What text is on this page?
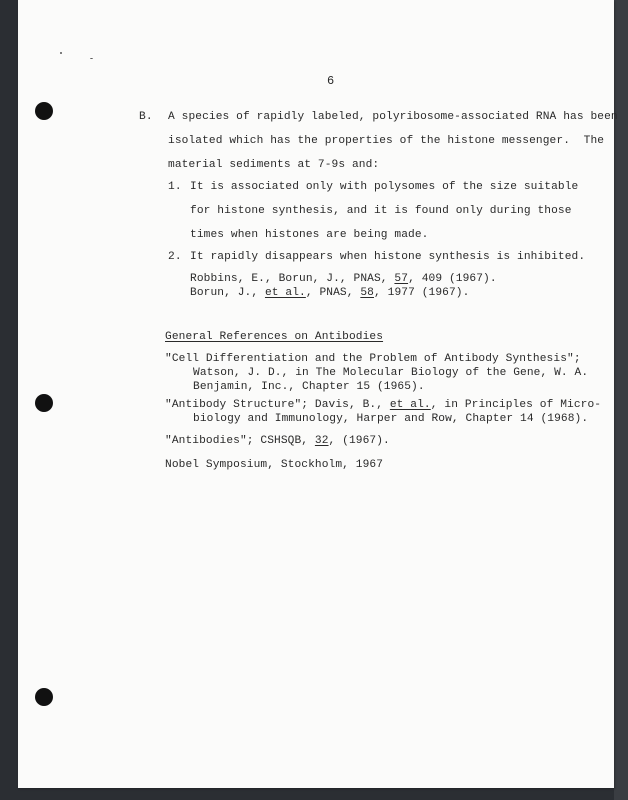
6
B. A species of rapidly labeled, polyribosome-associated RNA has been
isolated which has the properties of the histone messenger.  The
material sediments at 7-9s and:
1. It is associated only with polysomes of the size suitable
for histone synthesis, and it is found only during those
times when histones are being made.
2. It rapidly disappears when histone synthesis is inhibited.
Robbins, E., Borun, J., PNAS, 57, 409 (1967).
Borun, J., et al., PNAS, 58, 1977 (1967).
General References on Antibodies
"Cell Differentiation and the Problem of Antibody Synthesis";
Watson, J. D., in The Molecular Biology of the Gene, W. A.
Benjamin, Inc., Chapter 15 (1965).
"Antibody Structure"; Davis, B., et al., in Principles of Micro-
biology and Immunology, Harper and Row, Chapter 14 (1968).
"Antibodies"; CSHSQB, 32, (1967).
Nobel Symposium, Stockholm, 1967
